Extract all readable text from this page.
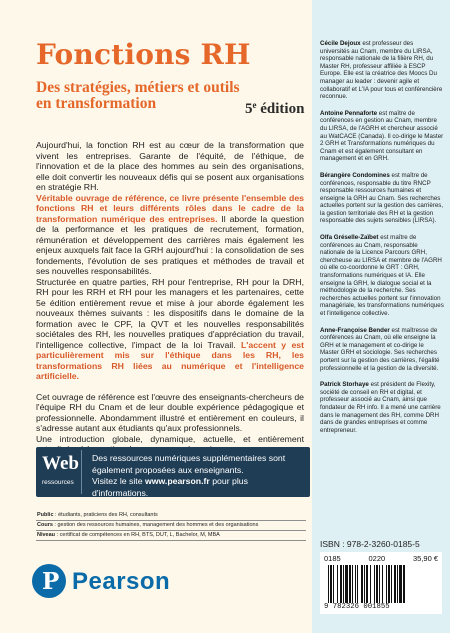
Fonctions RH
Des stratégies, métiers et outils en transformation	5e édition

Aujourd'hui, la fonction RH est au cœur de la transformation que vivent les entreprises. Garante de l'équité, de l'éthique, de l'innovation et de la place des hommes au sein des organisations, elle doit convertir les nouveaux défis qui se posent aux organisations en stratégie RH.

Véritable ouvrage de référence, ce livre présente l'ensemble des fonctions RH et leurs différents rôles dans le cadre de la transformation numérique des entreprises. Il aborde la question de la performance et les pratiques de recrutement, formation, rémunération et développement des carrières mais également les enjeux auxquels fait face la GRH aujourd'hui : la consolidation de ses fondements, l'évolution de ses pratiques et méthodes de travail et ses nouvelles responsabilités.

Structurée en quatre parties, RH pour l'entreprise, RH pour la DRH, RH pour les RRH et RH pour les managers et les partenaires, cette 5e édition entièrement revue et mise à jour aborde également les nouveaux thèmes suivants : les dispositifs dans le domaine de la formation avec le CPF, la QVT et les nouvelles responsabilités sociétales des RH, les nouvelles pratiques d'appréciation du travail, l'intelligence collective, l'impact de la loi Travail. L'accent y est particulièrement mis sur l'éthique dans les RH, les transformations RH liées au numérique et l'intelligence artificielle.

Cet ouvrage de référence est l'œuvre des enseignants-chercheurs de l'équipe RH du Cnam et de leur double expérience pédagogique et professionnelle. Abondamment illustré et entièrement en couleurs, il s'adresse autant aux étudiants qu'aux professionnels.

Une introduction globale, dynamique, actuelle, et entièrement

Web
ressources
Des ressources numériques supplémentaires sont également proposées aux enseignants.
Visitez le site www.pearson.fr pour plus d'informations.
Public : étudiants, praticiens des RH, consultants
Cours : gestion des ressources humaines, management des hommes et des organisations
Niveau : certificat de compétences en RH, BTS, DUT, L, Bachelor, M, MBA
P Pearson

Cécile Dejoux est professeur des universités au Cnam, membre du LIRSA, responsable nationale de la filière RH, du Master RH, professeur affiliée à ESCP Europe. Elle est la créatrice des Moocs Du manager au leader : devenir agile et collaboratif et L'IA pour tous et conférencière reconnue.

Antoine Pennaforte est maître de conférences en gestion au Cnam, membre du LIRSA, de l'AGRH et chercheur associé au WatCACE (Canada). Il co-dirige le Master 2 GRH et Transformations numériques du Cnam et est également consultant en management et en GRH.

Bérangère Condomines est maître de conférences, responsable du titre RNCP responsable ressources humaines et enseigne la GRH au Cnam. Ses recherches actuelles portent sur la gestion des carrières, la gestion territoriale des RH et la gestion responsable des sujets sensibles (LIRSA).

Olfa Gréselle-Zaïbet est maître de conférences au Cnam, responsable nationale de la Licence Parcours GRH, chercheuse au LIRSA et membre de l'AGRH où elle co-coordonne le GRT : GRH, transformations numériques et IA. Elle enseigne la GRH, le dialogue social et la méthodologie de la recherche. Ses recherches actuelles portent sur l'innovation managériale, les transformations numériques et l'intelligence collective.

Anne-Françoise Bender est maîtresse de conférences au Cnam, où elle enseigne la GRH et le management et co-dirige le Master GRH et sociologie. Ses recherches portent sur la gestion des carrières, l'égalité professionnelle et la gestion de la diversité.

Patrick Storhaye est président de Flexity, société de conseil en RH et digital, et professeur associé au Cnam, ainsi que fondateur de RH info. Il a mené une carrière dans le management des RH, comme DRH dans de grandes entreprises et comme entrepreneur.

ISBN : 978-2-3260-0185-5
0185	0220	35,90 €
9 782326 001855
